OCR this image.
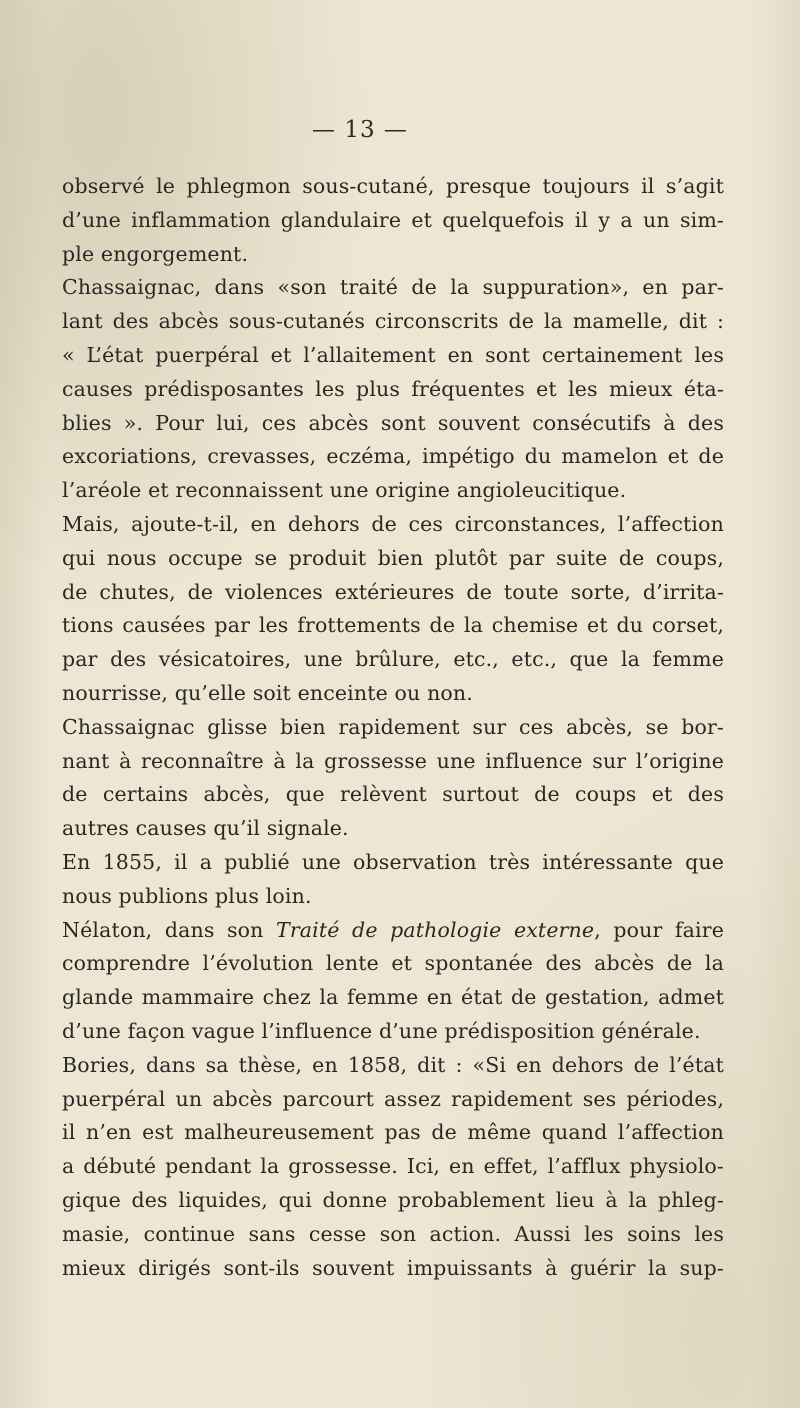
— 13 —
observé le phlegmon sous-cutané, presque toujours il s’agit
d’une inflammation glandulaire et quelquefois il y a un sim-
ple engorgement.
Chassaignac, dans «son traité de la suppuration», en par-
lant des abcès sous-cutanés circonscrits de la mamelle, dit :
« L’état puerpéral et l’allaitement en sont certainement les
causes prédisposantes les plus fréquentes et les mieux éta-
blies ». Pour lui, ces abcès sont souvent consécutifs à des
excoriations, crevasses, eczéma, impétigo du mamelon et de
l’aréole et reconnaissent une origine angioleucitique.
Mais, ajoute-t-il, en dehors de ces circonstances, l’affection
qui nous occupe se produit bien plutôt par suite de coups,
de chutes, de violences extérieures de toute sorte, d’irrita-
tions causées par les frottements de la chemise et du corset,
par des vésicatoires, une brûlure, etc., etc., que la femme
nourrisse, qu’elle soit enceinte ou non.
Chassaignac glisse bien rapidement sur ces abcès, se bor-
nant à reconnaître à la grossesse une influence sur l’origine
de certains abcès, que relèvent surtout de coups et des
autres causes qu’il signale.
En 1855, il a publié une observation très intéressante que
nous publions plus loin.
Nélaton, dans son Traité de pathologie externe, pour faire
comprendre l’évolution lente et spontanée des abcès de la
glande mammaire chez la femme en état de gestation, admet
d’une façon vague l’influence d’une prédisposition générale.
Bories, dans sa thèse, en 1858, dit : «Si en dehors de l’état
puerpéral un abcès parcourt assez rapidement ses périodes,
il n’en est malheureusement pas de même quand l’affection
a débuté pendant la grossesse. Ici, en effet, l’afflux physiolo-
gique des liquides, qui donne probablement lieu à la phleg-
masie, continue sans cesse son action. Aussi les soins les
mieux dirigés sont-ils souvent impuissants à guérir la sup-
